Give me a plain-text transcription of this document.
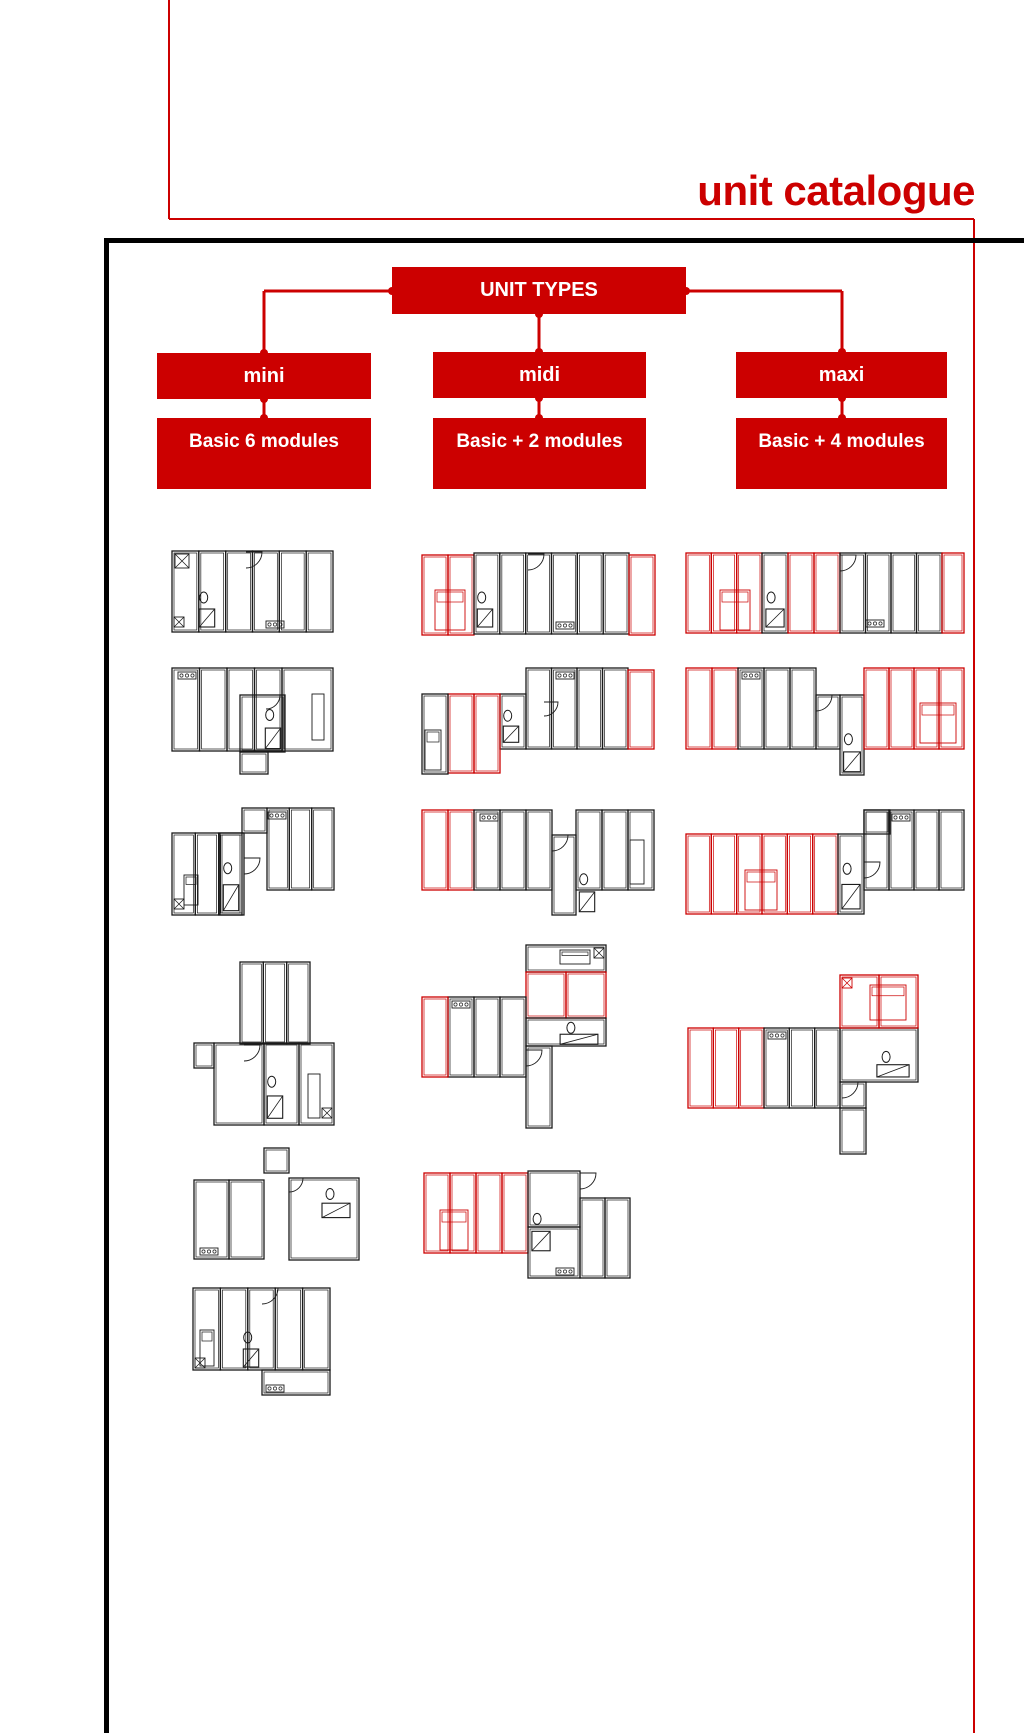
unit catalogue
UNIT TYPES
mini
Basic 6 modules
midi
Basic + 2 modules
maxi
Basic + 4 modules
